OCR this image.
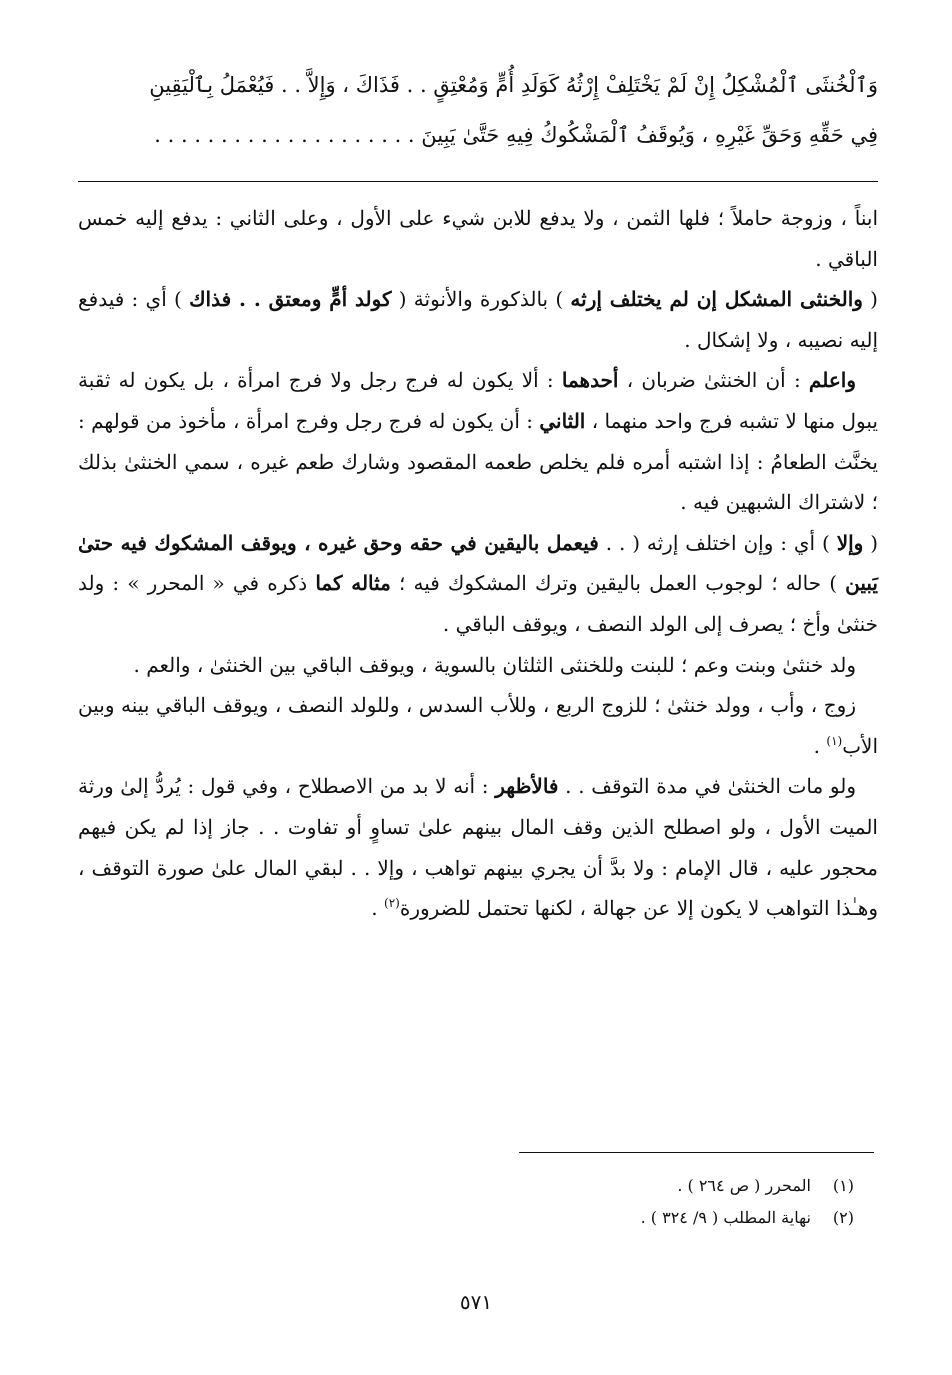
وَٱلْخُنثَى ٱلْمُشْكِلُ إِنْ لَمْ يَخْتَلِفْ إِرْثُهُ كَوَلَدِ أُمٍّ وَمُعْتِقٍ . . فَذَاكَ ، وَإِلاَّ . . فَيُعْمَلُ بِٱلْيَقِينِ
فِي حَقِّهِ وَحَقِّ غَيْرِهِ ، وَيُوقَفُ ٱلْمَشْكُوكُ فِيهِ حَتَّىٰ يَبِينَ . . . . . . . . . . . . . . . . . . . .

ابناً ، وزوجة حاملاً ؛ فلها الثمن ، ولا يدفع للابن شيء على الأول ، وعلى الثاني : يدفع إليه خمس الباقي .

( والخنثى المشكل إن لم يختلف إرثه ) بالذكورة والأنوثة ( كولد أمٍّ ومعتق . . فذاك ) أي : فيدفع إليه نصيبه ، ولا إشكال .

واعلم : أن الخنثىٰ ضربان ، أحدهما : ألا يكون له فرج رجل ولا فرج امرأة ، بل يكون له ثقبة يبول منها لا تشبه فرج واحد منهما ، الثاني : أن يكون له فرج رجل وفرج امرأة ، مأخوذ من قولهم : يخنَّث الطعامُ : إذا اشتبه أمره فلم يخلص طعمه المقصود وشارك طعم غيره ، سمي الخنثىٰ بذلك ؛ لاشتراك الشبهين فيه .

( وإلا ) أي : وإن اختلف إرثه ( . . فيعمل باليقين في حقه وحق غيره ، ويوقف المشكوك فيه حتىٰ يَبين ) حاله ؛ لوجوب العمل باليقين وترك المشكوك فيه ؛ مثاله كما ذكره في « المحرر » : ولد خنثىٰ وأخ ؛ يصرف إلى الولد النصف ، ويوقف الباقي .

ولد خنثىٰ وبنت وعم ؛ للبنت وللخنثى الثلثان بالسوية ، ويوقف الباقي بين الخنثىٰ ، والعم .

زوج ، وأب ، وولد خنثىٰ ؛ للزوج الربع ، وللأب السدس ، وللولد النصف ، ويوقف الباقي بينه وبين الأب$^{(١)}$ .

ولو مات الخنثىٰ في مدة التوقف . . فالأظهر : أنه لا بد من الاصطلاح ، وفي قول : يُردُّ إلىٰ ورثة الميت الأول ، ولو اصطلح الذين وقف المال بينهم علىٰ تساوٍ أو تفاوت . . جاز إذا لم يكن فيهم محجور عليه ، قال الإمام : ولا بدَّ أن يجري بينهم تواهب ، وإلا . . لبقي المال علىٰ صورة التوقف ، وهـٰذا التواهب لا يكون إلا عن جهالة ، لكنها تحتمل للضرورة$^{(٢)}$ .

(١) المحرر ( ص ٢٦٤ ) .
(٢) نهاية المطلب ( ٩/ ٣٢٤ ) .
٥٧١
